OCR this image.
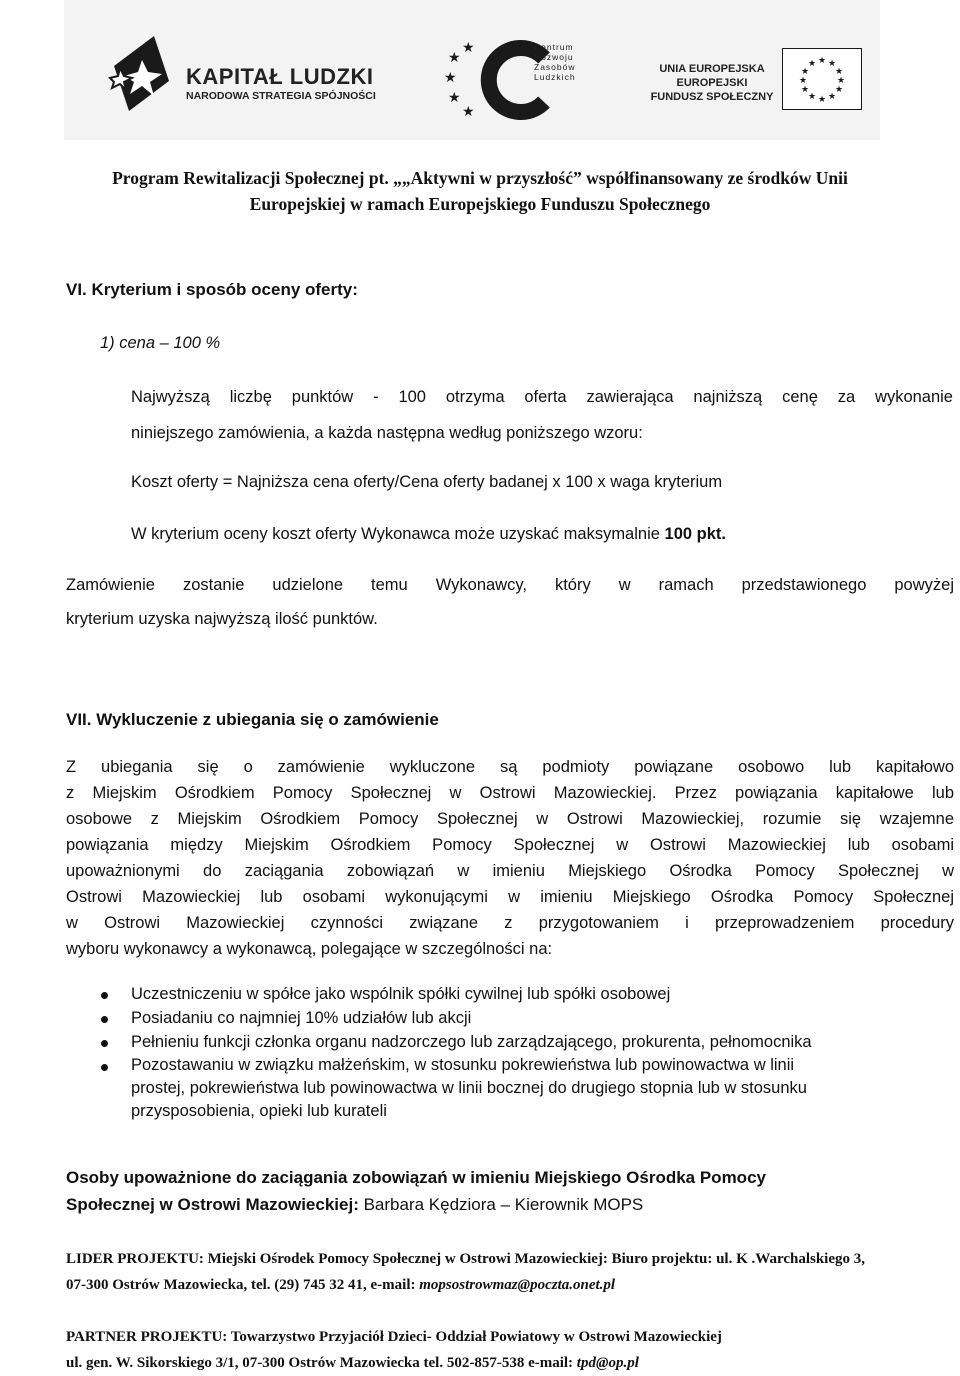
KAPITAŁ LUDZKI
NARODOWA STRATEGIA SPÓJNOŚCI
★
★
★
★
★
Centrum
Rozwoju
Zasobów
Ludzkich
UNIA EUROPEJSKA
EUROPEJSKI
FUNDUSZ SPOŁECZNY
★ ★
★
★
★
★
★
★
★
★
★
★
Program Rewitalizacji Społecznej pt. „„Aktywni w przyszłość” współfinansowany ze środków Unii
Europejskiej w ramach Europejskiego Funduszu Społecznego
VI. Kryterium i sposób oceny oferty:
1) cena – 100 %
Najwyższą liczbę punktów - 100 otrzyma oferta zawierająca najniższą cenę za wykonanie
niniejszego zamówienia, a każda następna według poniższego wzoru:
Koszt oferty = Najniższa cena oferty/Cena oferty badanej x 100 x waga kryterium
W kryterium oceny koszt oferty Wykonawca może uzyskać maksymalnie 100 pkt.
Zamówienie zostanie udzielone temu Wykonawcy, który w ramach przedstawionego powyżej
kryterium uzyska najwyższą ilość punktów.
VII. Wykluczenie z ubiegania się o zamówienie
Z ubiegania się o zamówienie wykluczone są podmioty powiązane osobowo lub kapitałowo
z Miejskim Ośrodkiem Pomocy Społecznej w Ostrowi Mazowieckiej. Przez powiązania kapitałowe lub
osobowe z Miejskim Ośrodkiem Pomocy Społecznej w Ostrowi Mazowieckiej, rozumie się wzajemne
powiązania między Miejskim Ośrodkiem Pomocy Społecznej w Ostrowi Mazowieckiej lub osobami
upoważnionymi do zaciągania zobowiązań w imieniu Miejskiego Ośrodka Pomocy Społecznej w
Ostrowi Mazowieckiej lub osobami wykonującymi w imieniu Miejskiego Ośrodka Pomocy Społecznej
w Ostrowi Mazowieckiej czynności związane z przygotowaniem i przeprowadzeniem procedury
wyboru wykonawcy a wykonawcą, polegające w szczególności na:
Uczestniczeniu w spółce jako wspólnik spółki cywilnej lub spółki osobowej
Posiadaniu co najmniej 10% udziałów lub akcji
Pełnieniu funkcji członka organu nadzorczego lub zarządzającego, prokurenta, pełnomocnika
Pozostawaniu w związku małżeńskim, w stosunku pokrewieństwa lub powinowactwa w linii
prostej, pokrewieństwa lub powinowactwa w linii bocznej do drugiego stopnia lub w stosunku
przysposobienia, opieki lub kurateli
Osoby upoważnione do zaciągania zobowiązań w imieniu Miejskiego Ośrodka Pomocy
Społecznej w Ostrowi Mazowieckiej: Barbara Kędziora – Kierownik MOPS
LIDER PROJEKTU: Miejski Ośrodek Pomocy Społecznej w Ostrowi Mazowieckiej: Biuro projektu: ul. K .Warchalskiego 3,
07-300 Ostrów Mazowiecka, tel. (29) 745 32 41, e-mail: mopsostrowmaz@poczta.onet.pl
PARTNER PROJEKTU: Towarzystwo Przyjaciół Dzieci- Oddział Powiatowy w Ostrowi Mazowieckiej
ul. gen. W. Sikorskiego 3/1, 07-300 Ostrów Mazowiecka tel. 502-857-538 e-mail: tpd@op.pl
